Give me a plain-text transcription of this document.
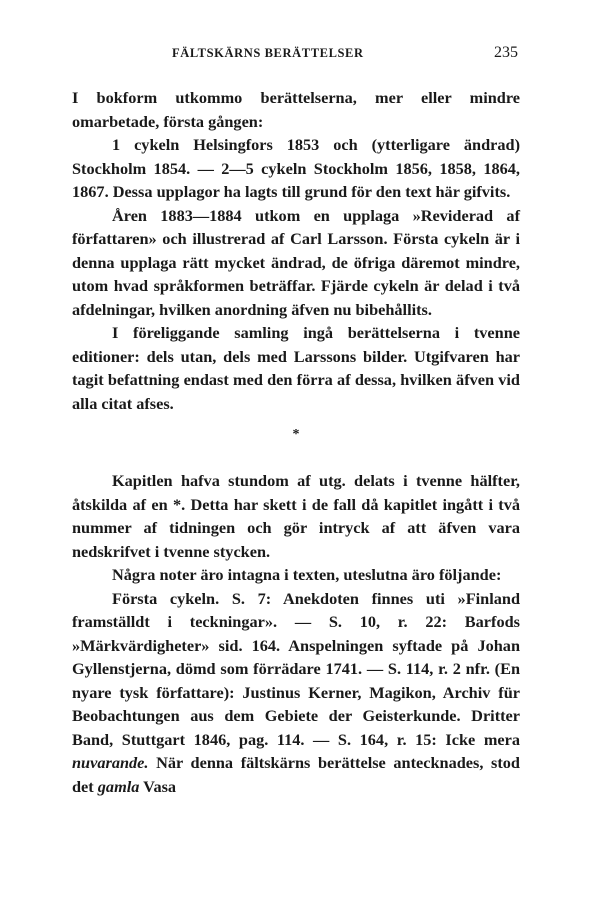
FÄLTSKÄRNS BERÄTTELSER	235

I bokform utkommo berättelserna, mer eller mindre omarbetade, första gången:

1 cykeln Helsingfors 1853 och (ytterligare ändrad) Stockholm 1854. — 2—5 cykeln Stockholm 1856, 1858, 1864, 1867. Dessa upplagor ha lagts till grund för den text här gifvits.

Åren 1883—1884 utkom en upplaga »Reviderad af författaren» och illustrerad af Carl Larsson. Första cykeln är i denna upplaga rätt mycket ändrad, de öfriga däremot mindre, utom hvad språkformen beträffar. Fjärde cykeln är delad i två afdelningar, hvilken anordning äfven nu bibehållits.

I föreliggande samling ingå berättelserna i tvenne editioner: dels utan, dels med Larssons bilder. Utgifvaren har tagit befattning endast med den förra af dessa, hvilken äfven vid alla citat afses.

*

Kapitlen hafva stundom af utg. delats i tvenne hälfter, åtskilda af en *. Detta har skett i de fall då kapitlet ingått i två nummer af tidningen och gör intryck af att äfven vara nedskrifvet i tvenne stycken.

Några noter äro intagna i texten, uteslutna äro följande:

Första cykeln. S. 7: Anekdoten finnes uti »Finland framställdt i teckningar». — S. 10, r. 22: Barfods »Märkvärdigheter» sid. 164. Anspelningen syftade på Johan Gyllenstjerna, dömd som förrädare 1741. — S. 114, r. 2 nfr. (En nyare tysk författare): Justinus Kerner, Magikon, Archiv für Beobachtungen aus dem Gebiete der Geisterkunde. Dritter Band, Stuttgart 1846, pag. 114. — S. 164, r. 15: Icke mera nuvarande. När denna fältskärns berättelse antecknades, stod det gamla Vasa
